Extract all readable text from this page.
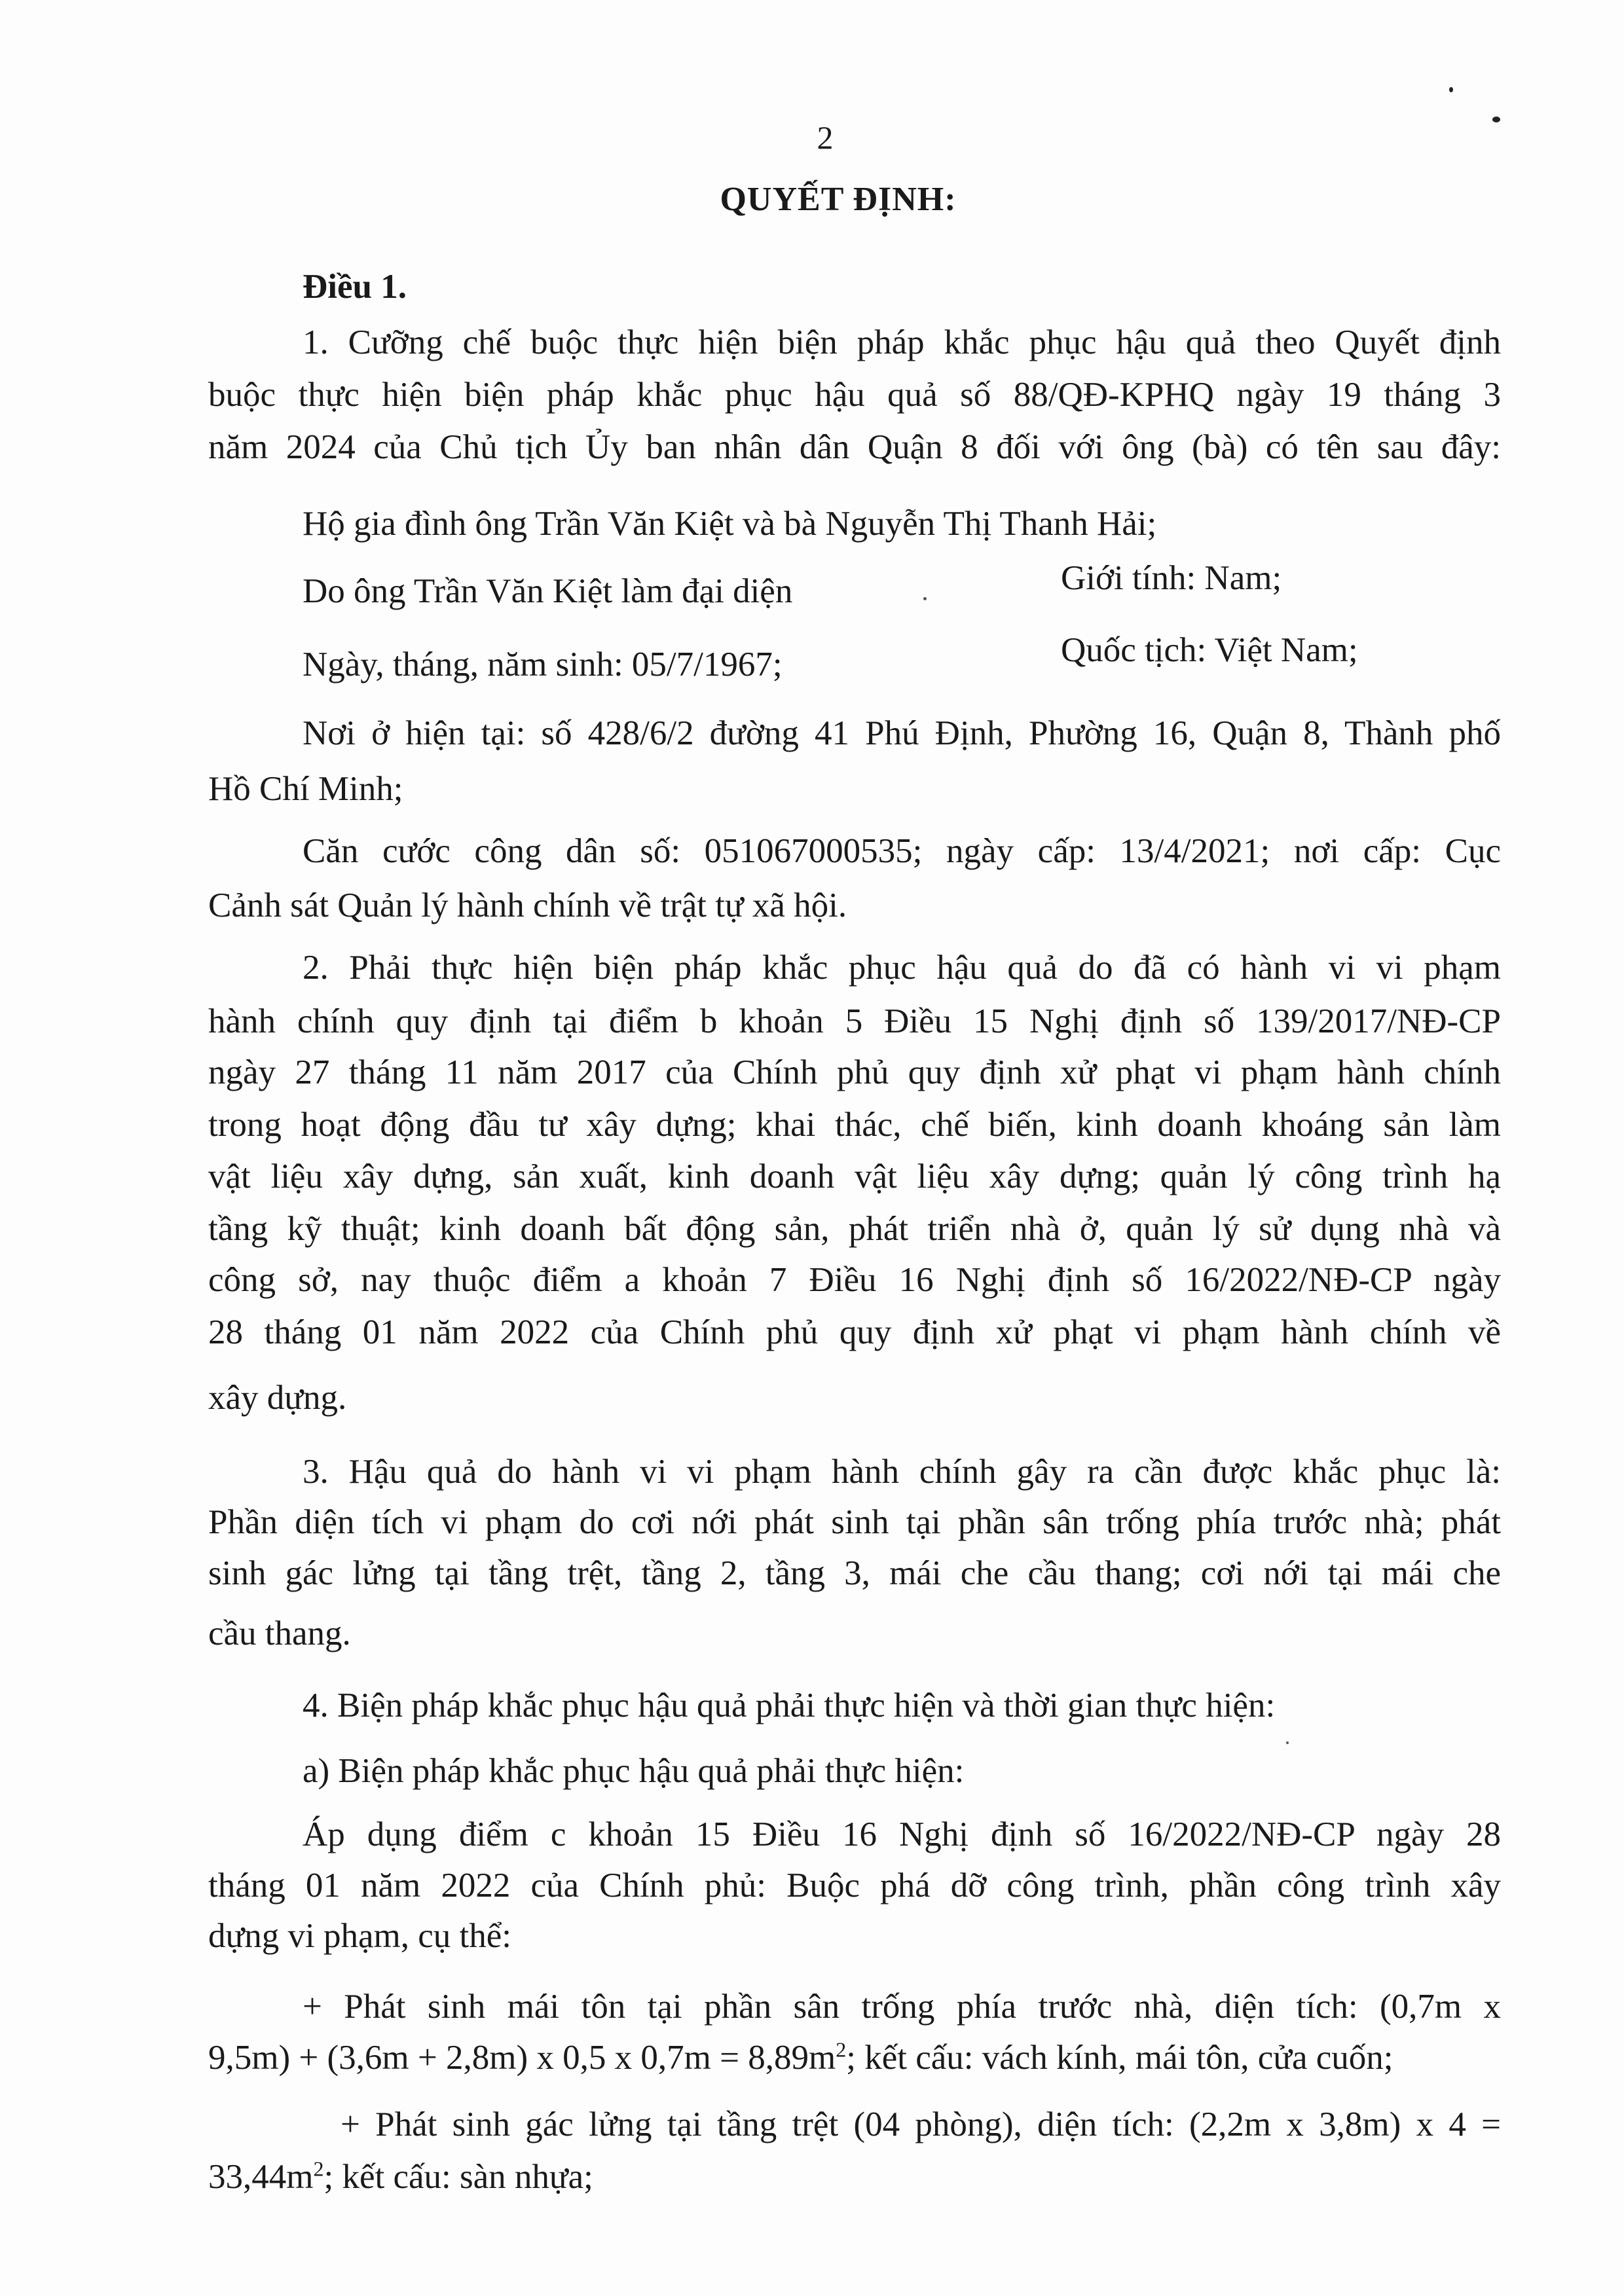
2
QUYẾT ĐỊNH:
Điều 1.
1. Cưỡng chế buộc thực hiện biện pháp khắc phục hậu quả theo Quyết định
buộc thực hiện biện pháp khắc phục hậu quả số 88/QĐ-KPHQ ngày 19 tháng 3
năm 2024 của Chủ tịch Ủy ban nhân dân Quận 8 đối với ông (bà) có tên sau đây:
Hộ gia đình ông Trần Văn Kiệt và bà Nguyễn Thị Thanh Hải;
Do ông Trần Văn Kiệt làm đại diện	Giới tính: Nam;
Ngày, tháng, năm sinh: 05/7/1967;	Quốc tịch: Việt Nam;
Nơi ở hiện tại: số 428/6/2 đường 41 Phú Định, Phường 16, Quận 8, Thành phố
Hồ Chí Minh;
Căn cước công dân số: 051067000535; ngày cấp: 13/4/2021; nơi cấp: Cục
Cảnh sát Quản lý hành chính về trật tự xã hội.
2. Phải thực hiện biện pháp khắc phục hậu quả do đã có hành vi vi phạm
hành chính quy định tại điểm b khoản 5 Điều 15 Nghị định số 139/2017/NĐ-CP
ngày 27 tháng 11 năm 2017 của Chính phủ quy định xử phạt vi phạm hành chính
trong hoạt động đầu tư xây dựng; khai thác, chế biến, kinh doanh khoáng sản làm
vật liệu xây dựng, sản xuất, kinh doanh vật liệu xây dựng; quản lý công trình hạ
tầng kỹ thuật; kinh doanh bất động sản, phát triển nhà ở, quản lý sử dụng nhà và
công sở, nay thuộc điểm a khoản 7 Điều 16 Nghị định số 16/2022/NĐ-CP ngày
28 tháng 01 năm 2022 của Chính phủ quy định xử phạt vi phạm hành chính về
xây dựng.
3. Hậu quả do hành vi vi phạm hành chính gây ra cần được khắc phục là:
Phần diện tích vi phạm do cơi nới phát sinh tại phần sân trống phía trước nhà; phát
sinh gác lửng tại tầng trệt, tầng 2, tầng 3, mái che cầu thang; cơi nới tại mái che
cầu thang.
4. Biện pháp khắc phục hậu quả phải thực hiện và thời gian thực hiện:
a) Biện pháp khắc phục hậu quả phải thực hiện:
Áp dụng điểm c khoản 15 Điều 16 Nghị định số 16/2022/NĐ-CP ngày 28
tháng 01 năm 2022 của Chính phủ: Buộc phá dỡ công trình, phần công trình xây
dựng vi phạm, cụ thể:
+ Phát sinh mái tôn tại phần sân trống phía trước nhà, diện tích: (0,7m x
9,5m) + (3,6m + 2,8m) x 0,5 x $0,7m = 8,89m^2$; kết cấu: vách kính, mái tôn, cửa cuốn;
+ Phát sinh gác lửng tại tầng trệt (04 phòng), diện tích: (2,2m x 3,8m) x 4 =
$33,44m^2$; kết cấu: sàn nhựa;
